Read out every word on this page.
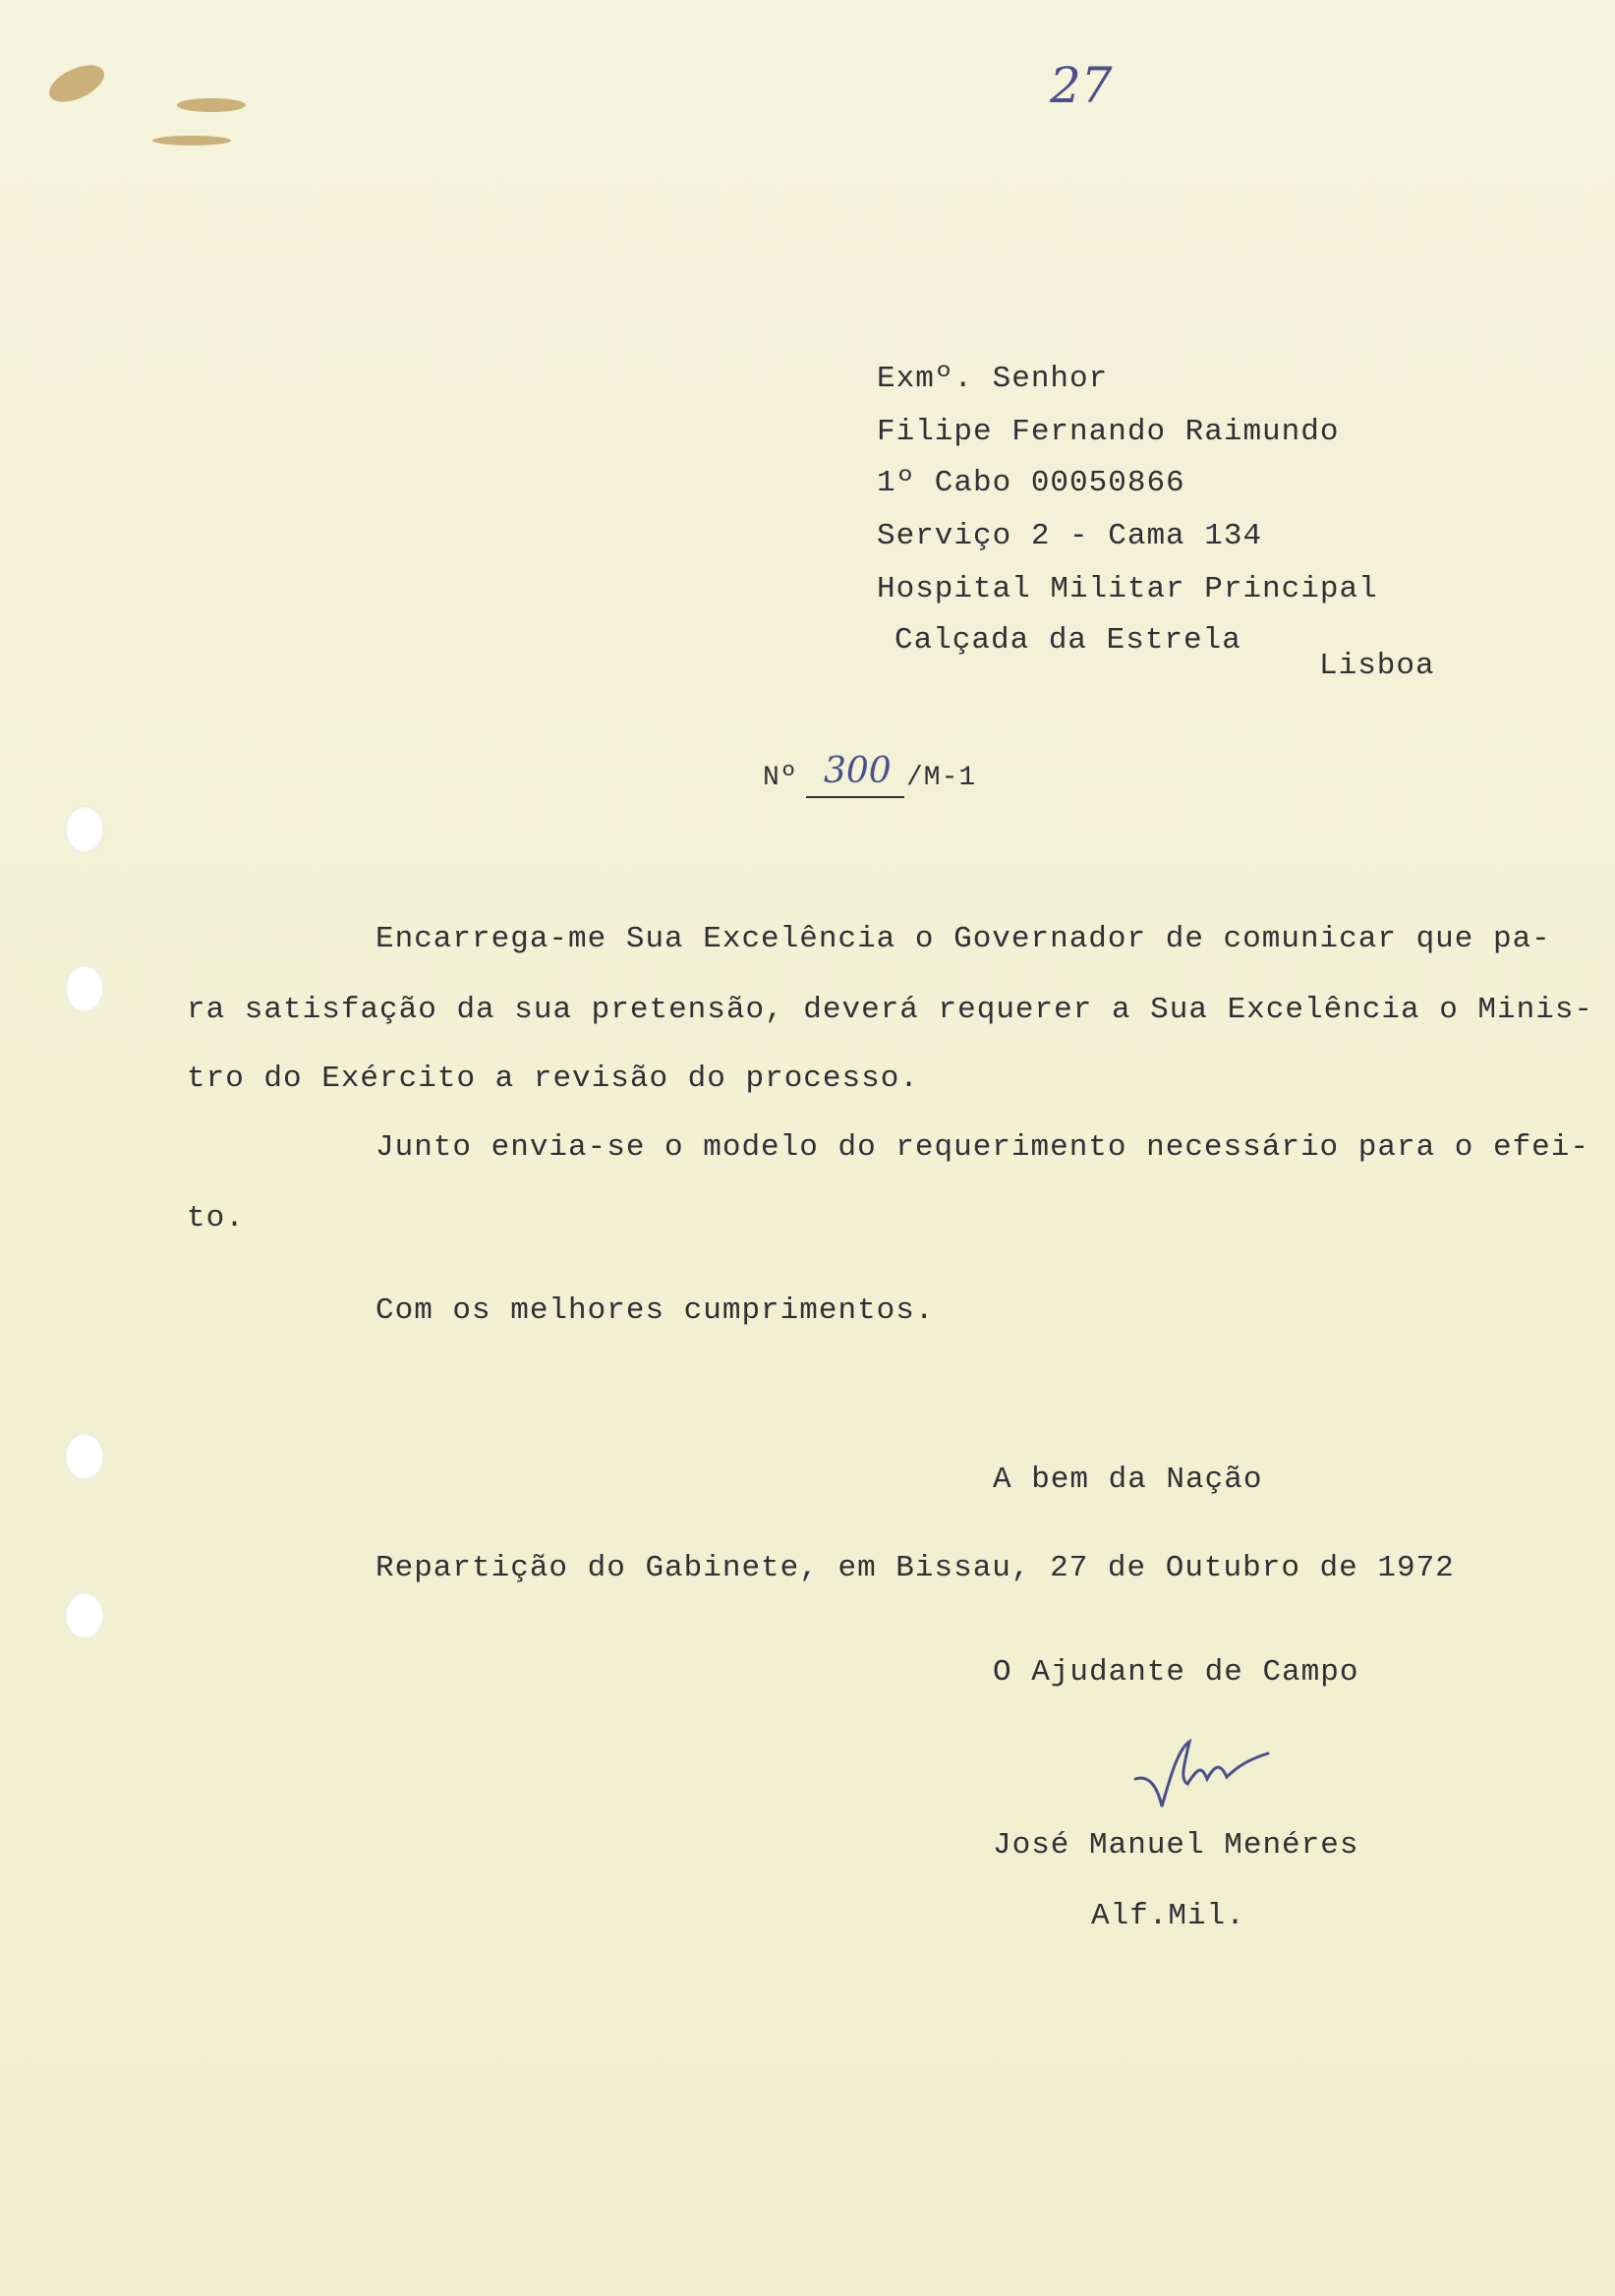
27
Exmº. Senhor
Filipe Fernando Raimundo
1º Cabo 00050866
Serviço 2 - Cama 134
Hospital Militar Principal
Calçada da Estrela
Lisboa
Nº 300 /M-1
Encarrega-me Sua Excelência o Governador de comunicar que pa-
ra satisfação da sua pretensão, deverá requerer a Sua Excelência o Minis-
tro do Exército a revisão do processo.
Junto envia-se o modelo do requerimento necessário para o efei-
to.
Com os melhores cumprimentos.
A bem da Nação
Repartição do Gabinete, em Bissau, 27 de Outubro de 1972
O Ajudante de Campo
José Manuel Menéres
Alf.Mil.
